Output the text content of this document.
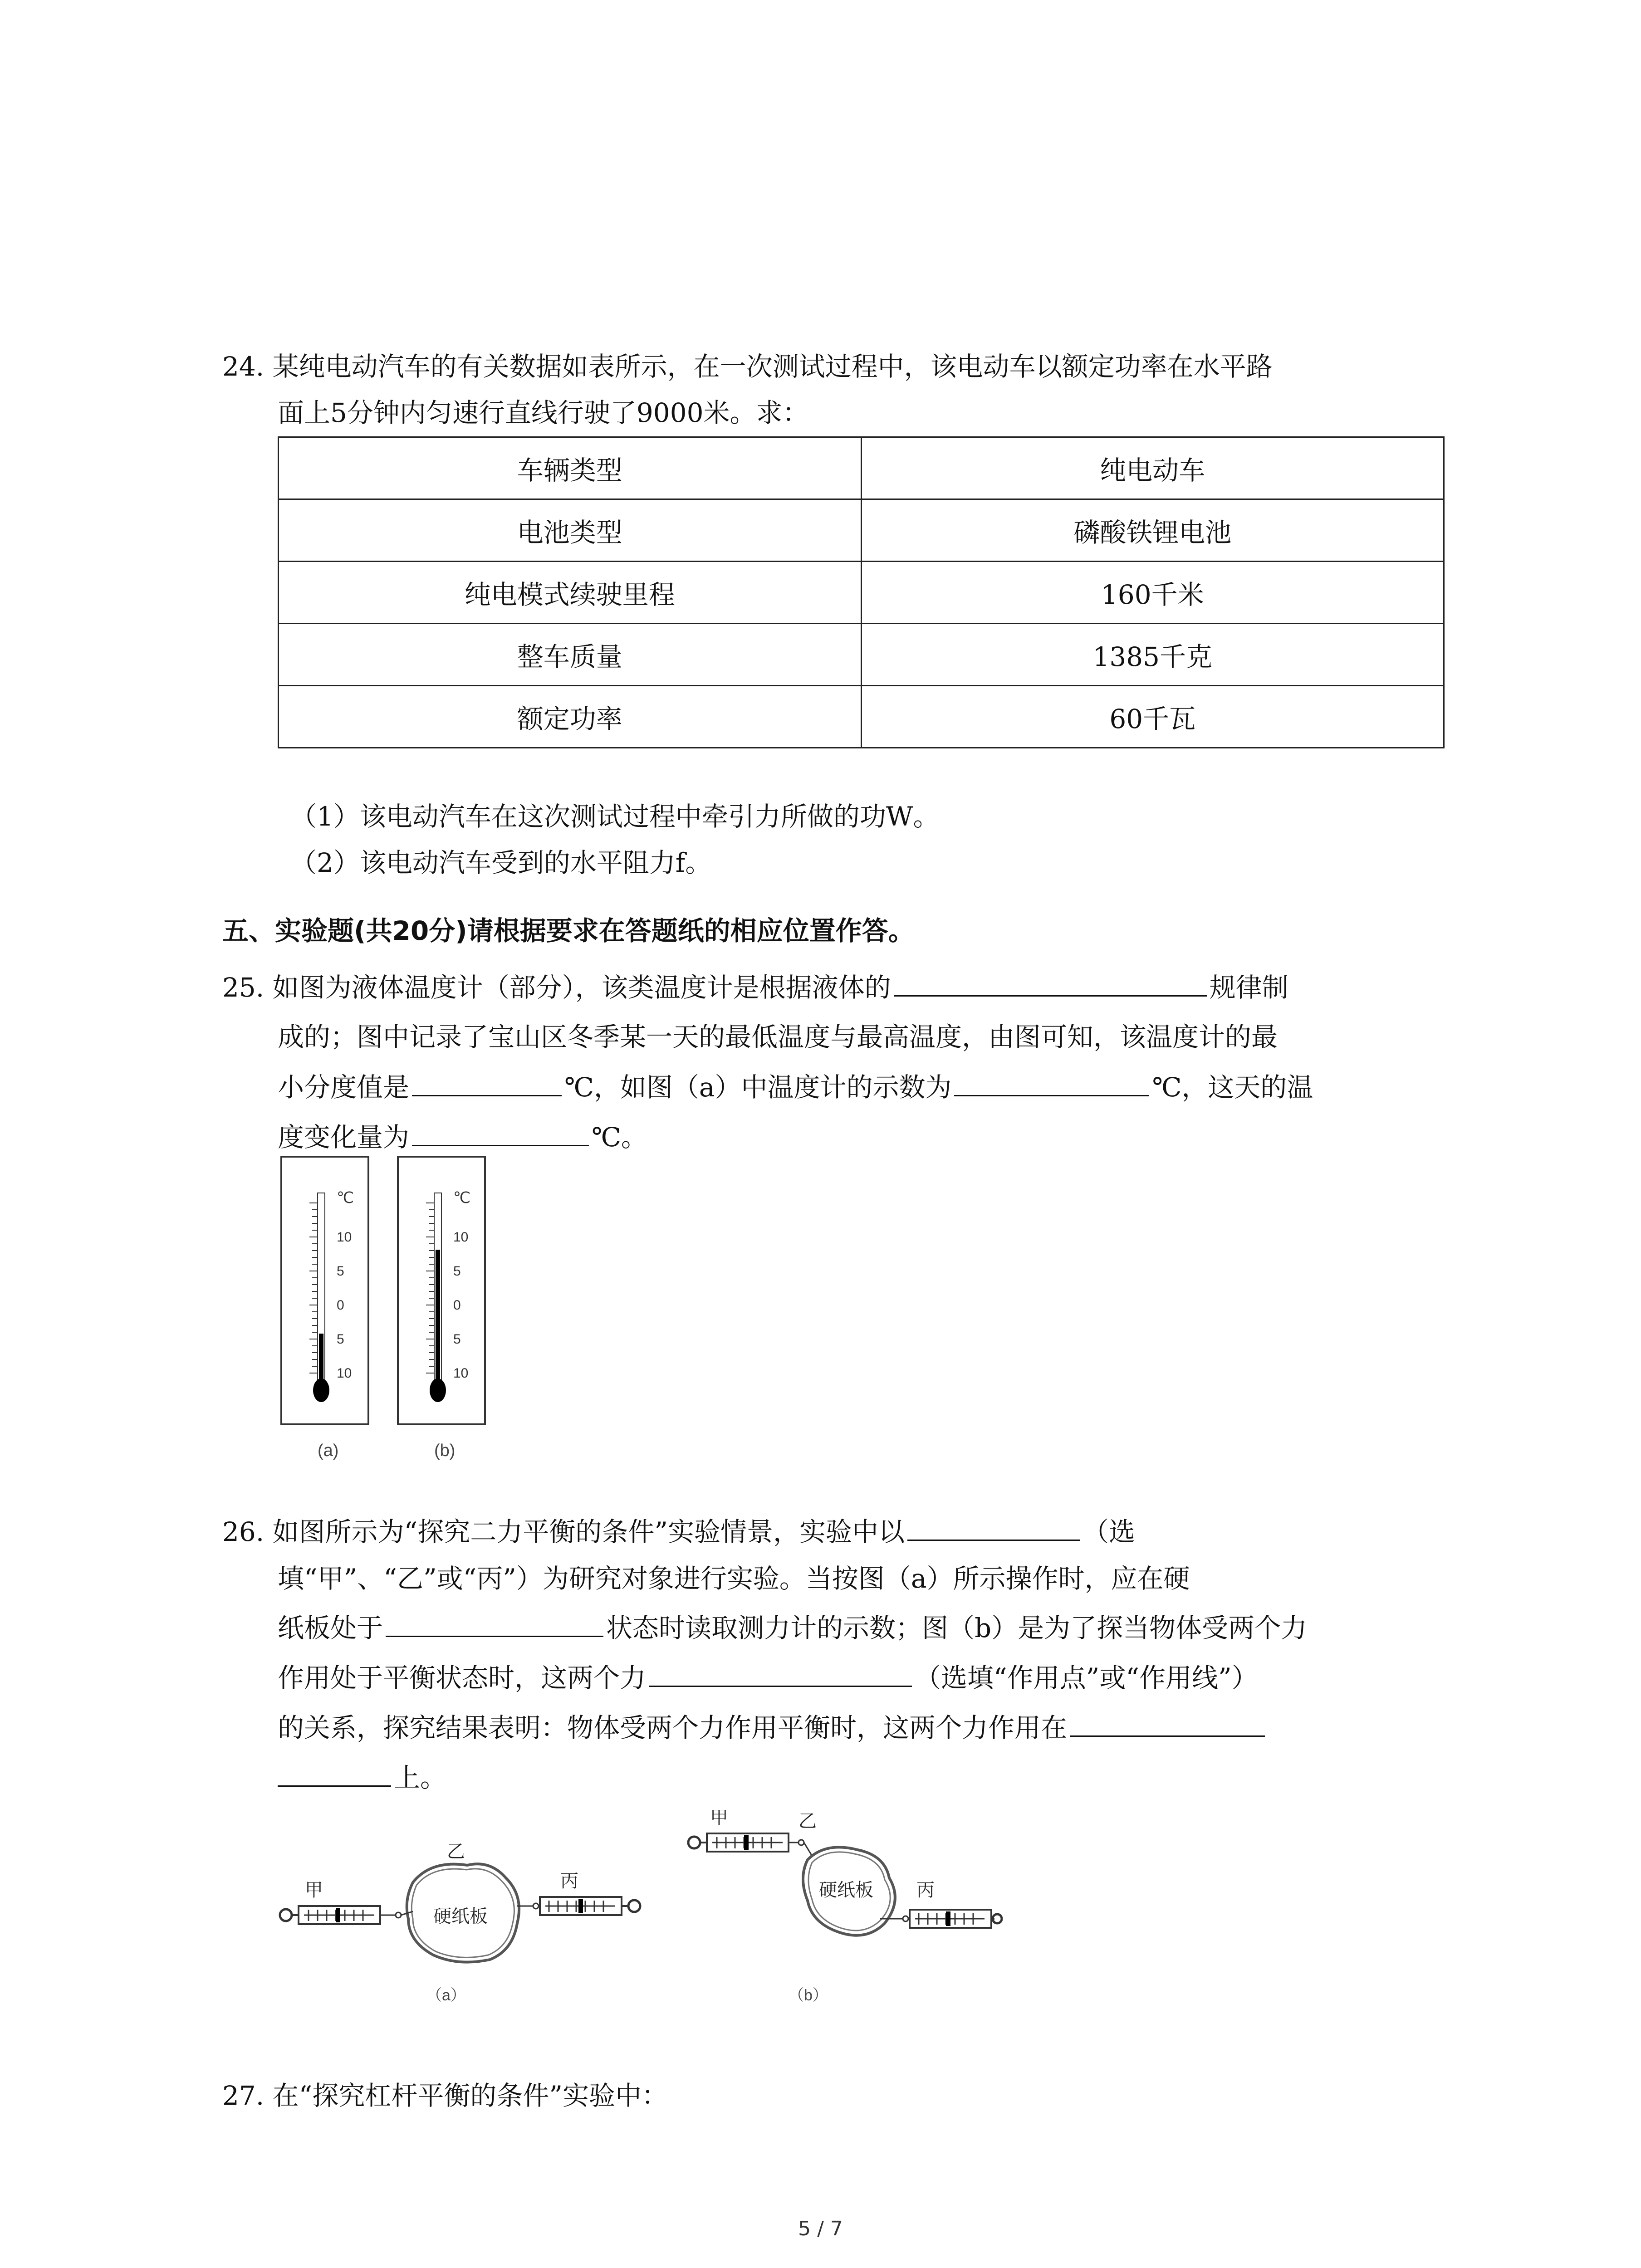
24. 某纯电动汽车的有关数据如表所示，在一次测试过程中，该电动车以额定功率在水平路
面上5分钟内匀速行直线行驶了9000米。求：
车辆类型	纯电动车
电池类型	磷酸铁锂电池
纯电模式续驶里程	160千米
整车质量	1385千克
额定功率	60千瓦
（1）该电动汽车在这次测试过程中牵引力所做的功W。
（2）该电动汽车受到的水平阻力f。
五、实验题(共20分)请根据要求在答题纸的相应位置作答。
25. 如图为液体温度计（部分），该类温度计是根据液体的	规律制
成的；图中记录了宝山区冬季某一天的最低温度与最高温度，由图可知，该温度计的最
小分度值是	℃，如图（a）中温度计的示数为	℃，这天的温
度变化量为	℃。
℃
10
5
0
5
10
℃
10
5
0
5
10
(a)	(b)
26. 如图所示为“探究二力平衡的条件”实验情景，实验中以	（选
填“甲”、“乙”或“丙”）为研究对象进行实验。当按图（a）所示操作时，应在硬
纸板处于	状态时读取测力计的示数；图（b）是为了探当物体受两个力
作用处于平衡状态时，这两个力	（选填“作用点”或“作用线”）
的关系，探究结果表明：物体受两个力作用平衡时，这两个力作用在
上。
硬纸板
乙
甲	丙
（a）
甲	乙
硬纸板 丙
（b）
27. 在“探究杠杆平衡的条件”实验中：
5 / 7
